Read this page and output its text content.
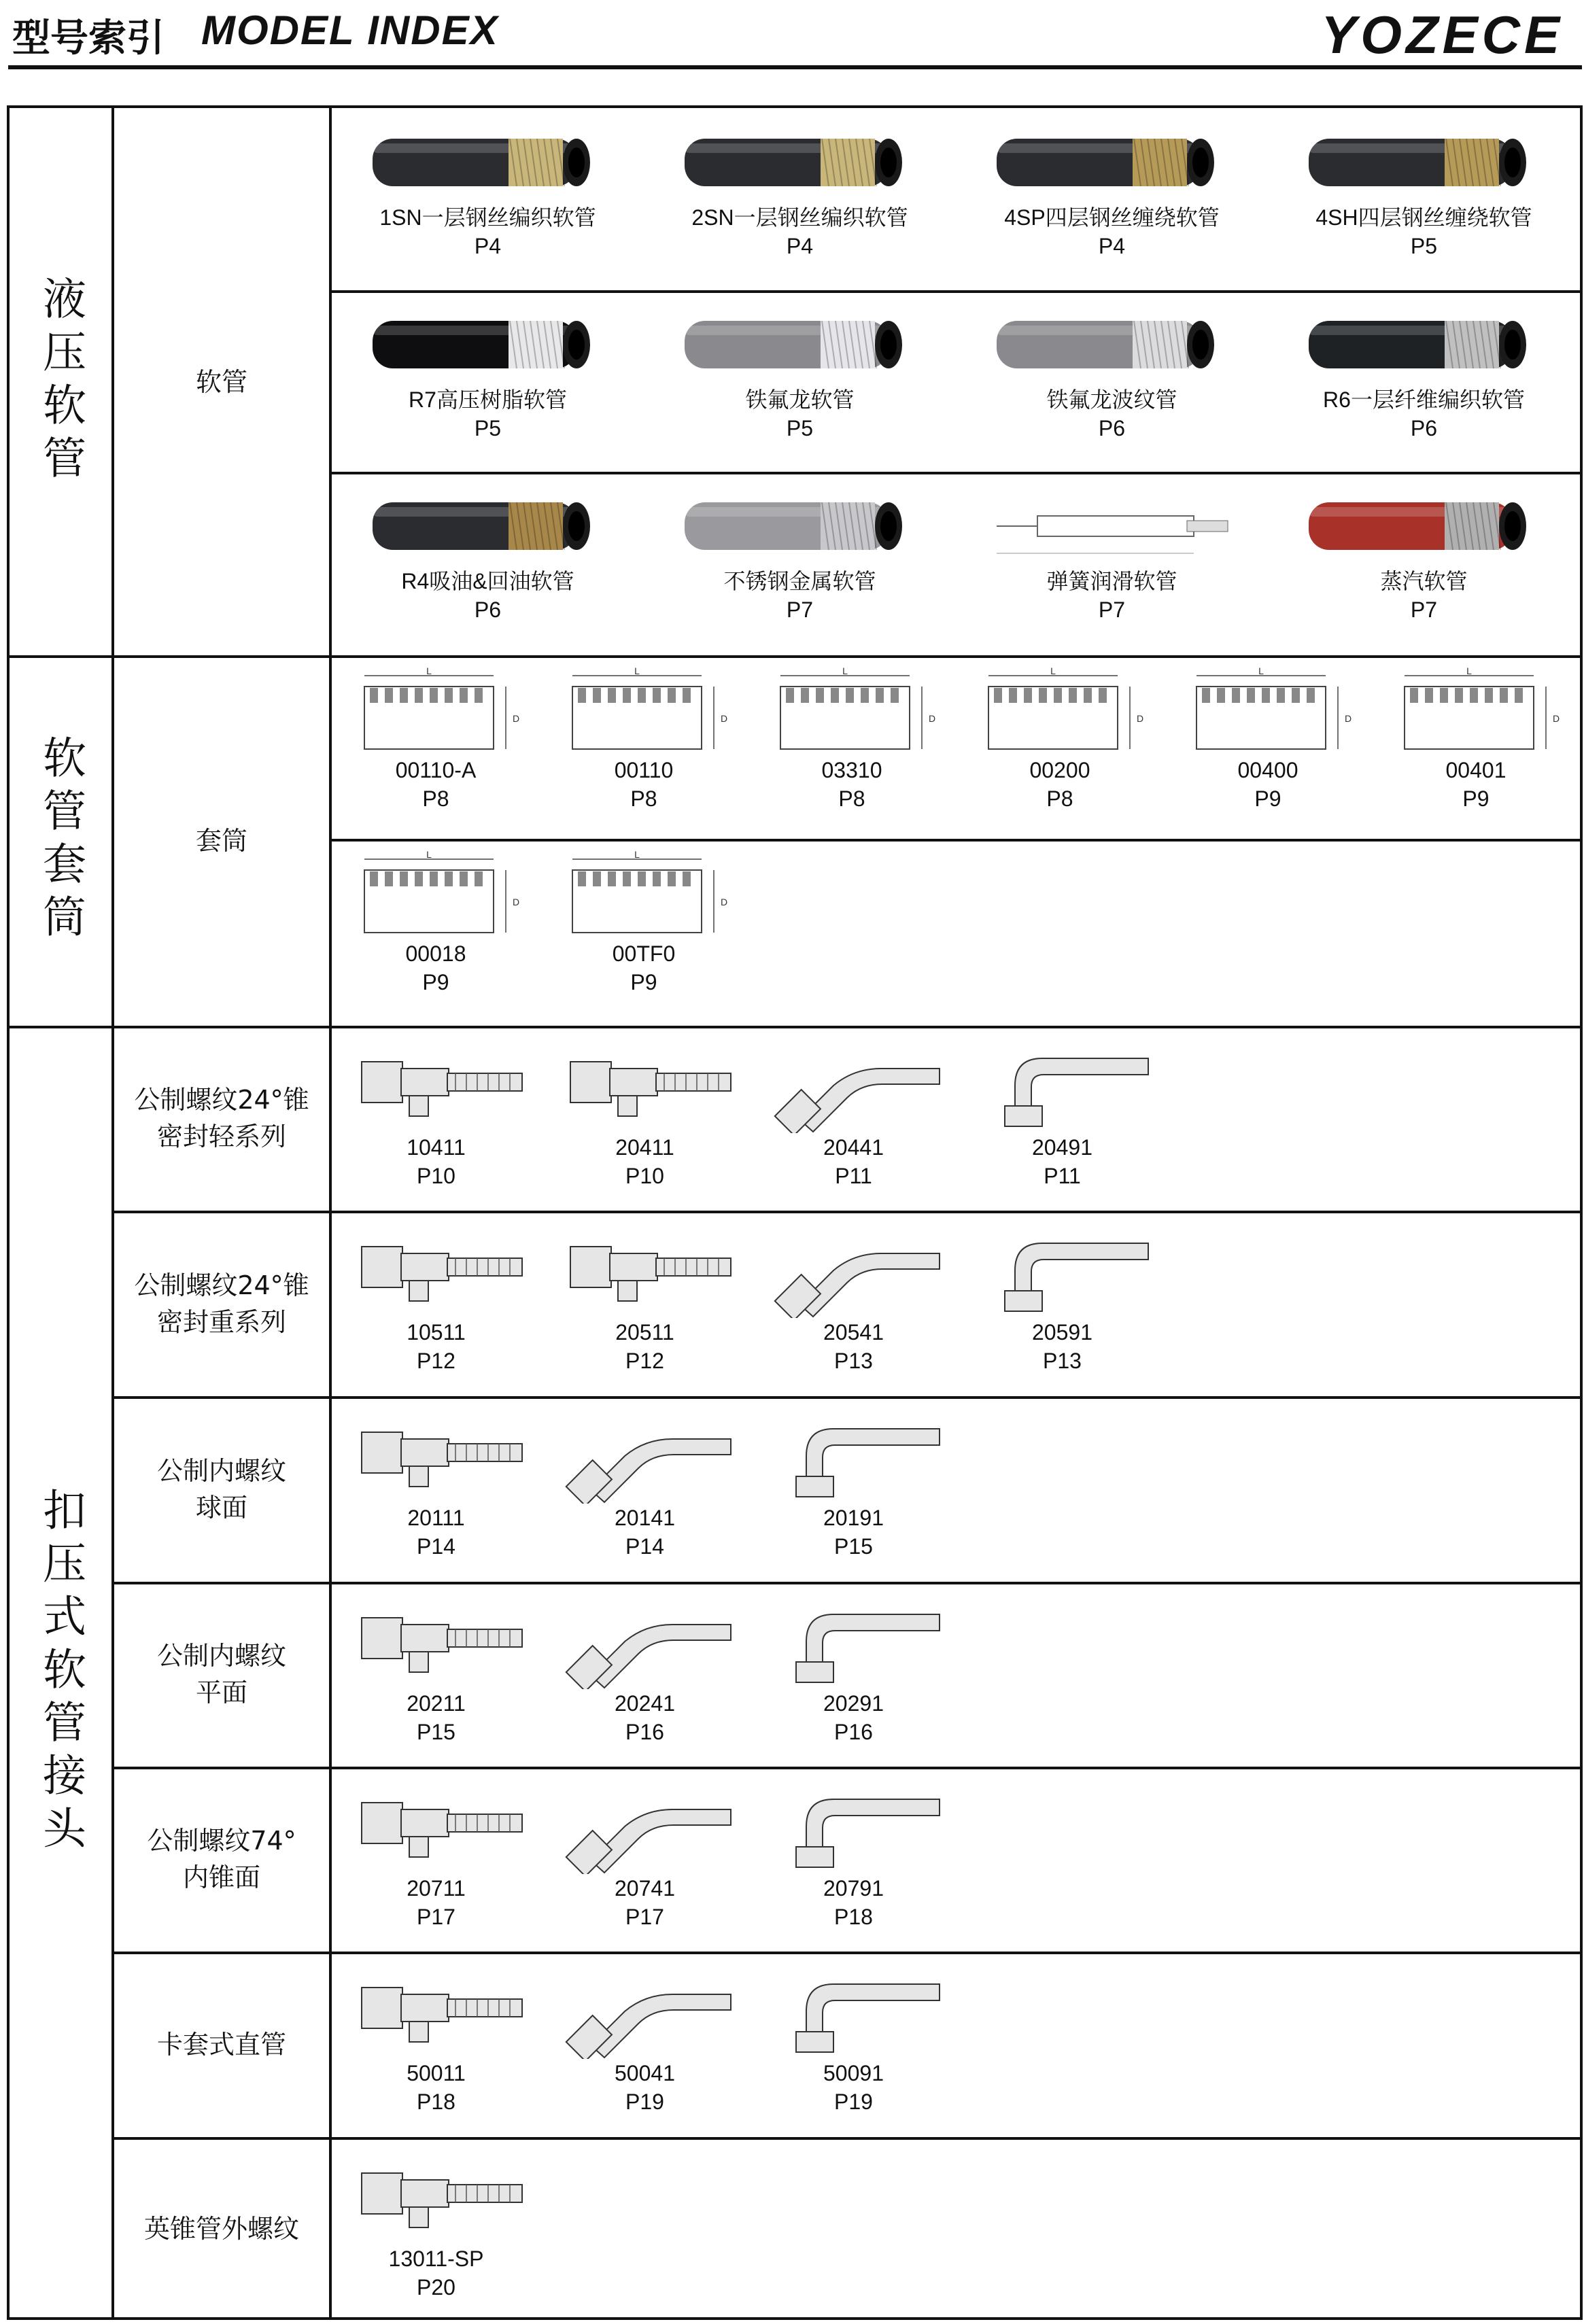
型号索引 MODEL INDEX	YOZECE
液压软管
软管套筒
扣压式软管接头
软管
套筒
公制螺纹24°锥
密封轻系列
公制螺纹24°锥
密封重系列
公制内螺纹
球面
公制内螺纹
平面
公制螺纹74°
内锥面
卡套式直管
英锥管外螺纹
1SN一层钢丝编织软管
P4
2SN一层钢丝编织软管
P4
4SP四层钢丝缠绕软管
P4
4SH四层钢丝缠绕软管
P5
R7高压树脂软管
P5
铁氟龙软管
P5
铁氟龙波纹管
P6
R6一层纤维编织软管
P6
R4吸油&回油软管
P6
不锈钢金属软管
P7
弹簧润滑软管
P7
蒸汽软管
P7
L
D
00110-A
P8
L
D
00110
P8
L
D
03310
P8
L
D
00200
P8
L
D
00400
P9
L
D
00401
P9
L
D
00018
P9
L
D
00TF0
P9
10411
P10
20411
P10
20441
P11
20491
P11
10511
P12
20511
P12
20541
P13
20591
P13
20111
P14
20141
P14
20191
P15
20211
P15
20241
P16
20291
P16
20711
P17
20741
P17
20791
P18
50011
P18
50041
P19
50091
P19
13011-SP
P20
